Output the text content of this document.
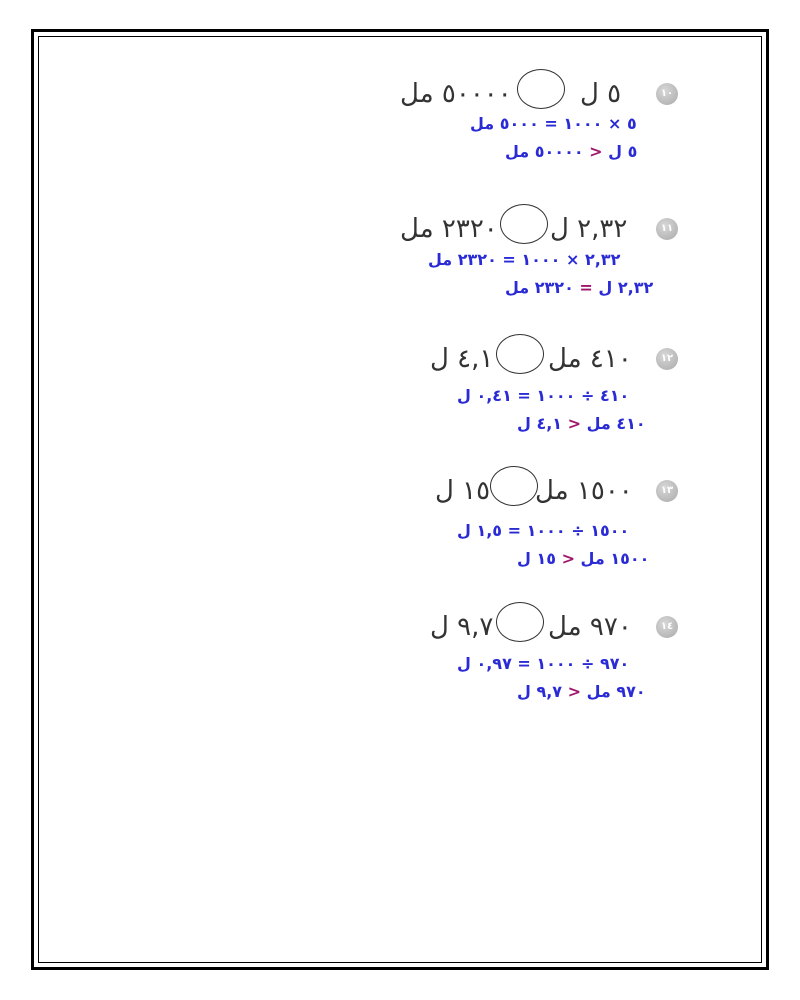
١٠
٥ ل
٥٠٠٠٠ مل
٥ × ١٠٠٠ = ٥٠٠٠ مل
٥ ل < ٥٠٠٠٠ مل
١١
٢,٣٢ ل
٢٣٢٠ مل
٢,٣٢ × ١٠٠٠ = ٢٣٢٠ مل
٢,٣٢ ل = ٢٣٢٠ مل
١٢
٤١٠ مل
٤,١ ل
٤١٠ ÷ ١٠٠٠ = ٠,٤١ ل
٤١٠ مل < ٤,١ ل
١٣
١٥٠٠ مل
١٥ ل
١٥٠٠ ÷ ١٠٠٠ = ١,٥ ل
١٥٠٠ مل < ١٥ ل
١٤
٩٧٠ مل
٩,٧ ل
٩٧٠ ÷ ١٠٠٠ = ٠,٩٧ ل
٩٧٠ مل < ٩,٧ ل
